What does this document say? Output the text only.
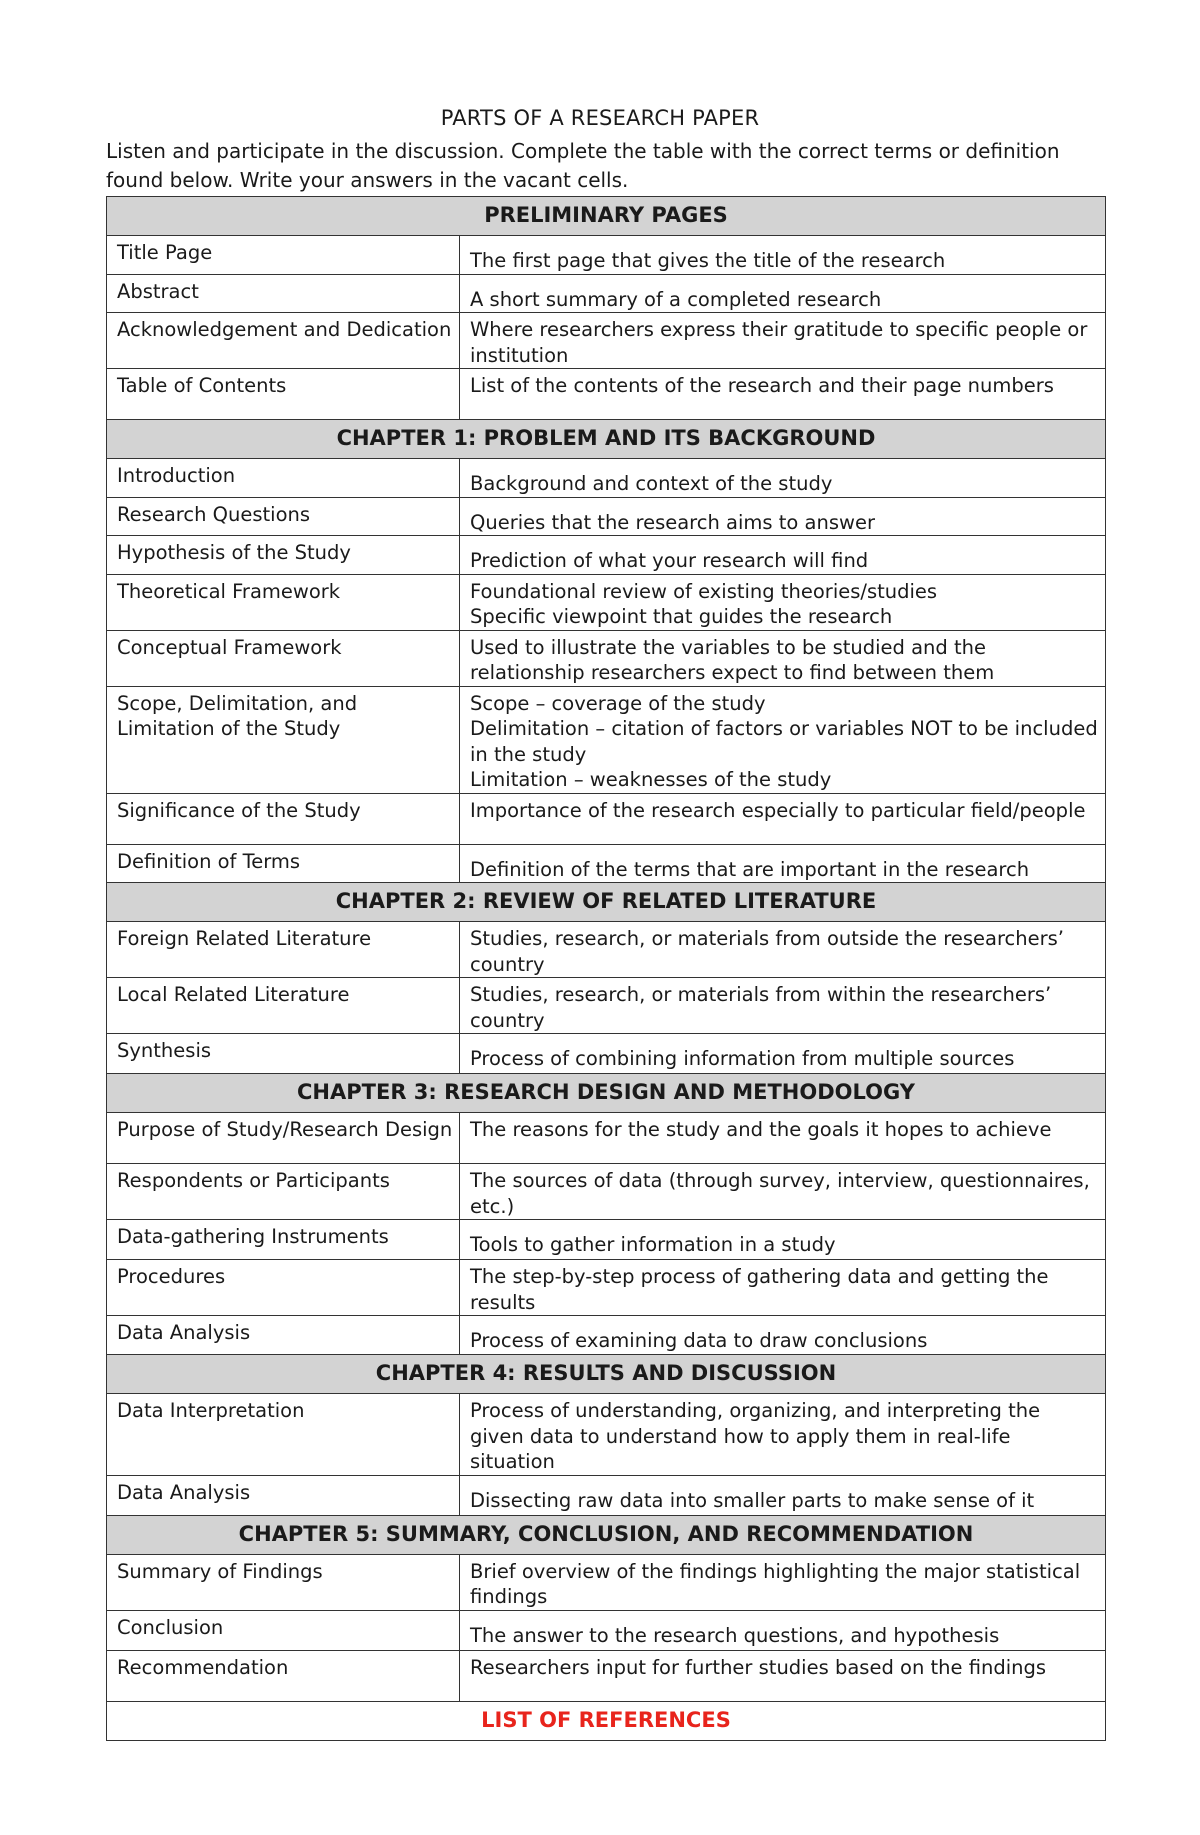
PARTS OF A RESEARCH PAPER
Listen and participate in the discussion. Complete the table with the correct terms or definition found below. Write your answers in the vacant cells.
PRELIMINARY PAGES	
Title Page	The first page that gives the title of the research
Abstract	A short summary of a completed research
Acknowledgement and Dedication	Where researchers express their gratitude to specific people or institution
Table of Contents	List of the contents of the research and their page numbers
CHAPTER 1: PROBLEM AND ITS BACKGROUND	
Introduction	Background and context of the study
Research Questions	Queries that the research aims to answer
Hypothesis of the Study	Prediction of what your research will find
Theoretical Framework	Foundational review of existing theories/studies
Specific viewpoint that guides the research

Conceptual Framework	Used to illustrate the variables to be studied and the relationship researchers expect to find between them
Scope, Delimitation, and Limitation of the Study	Scope – coverage of the study
Delimitation – citation of factors or variables NOT to be included in the study
Limitation – weaknesses of the study

Significance of the Study	Importance of the research especially to particular field/people
Definition of Terms	Definition of the terms that are important in the research
CHAPTER 2: REVIEW OF RELATED LITERATURE	
Foreign Related Literature	Studies, research, or materials from outside the researchers’ country
Local Related Literature	Studies, research, or materials from within the researchers’ country
Synthesis	Process of combining information from multiple sources
CHAPTER 3: RESEARCH DESIGN AND METHODOLOGY	
Purpose of Study/Research Design	The reasons for the study and the goals it hopes to achieve
Respondents or Participants	The sources of data (through survey, interview, questionnaires, etc.)
Data-gathering Instruments	Tools to gather information in a study
Procedures	The step-by-step process of gathering data and getting the results
Data Analysis	Process of examining data to draw conclusions
CHAPTER 4: RESULTS AND DISCUSSION	
Data Interpretation	Process of understanding, organizing, and interpreting the given data to understand how to apply them in real-life situation
Data Analysis	Dissecting raw data into smaller parts to make sense of it
CHAPTER 5: SUMMARY, CONCLUSION, AND RECOMMENDATION	
Summary of Findings	Brief overview of the findings highlighting the major statistical findings
Conclusion	The answer to the research questions, and hypothesis
Recommendation	Researchers input for further studies based on the findings
LIST OF REFERENCES	
